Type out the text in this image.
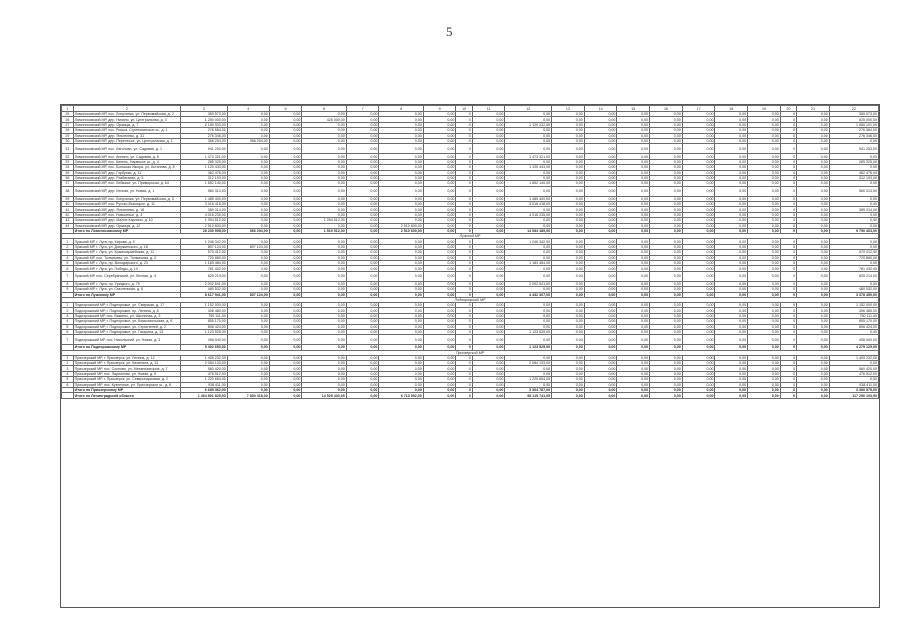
5
1	2	3	4	5	6	7	8	9	10	11	12	13	14	15	16	17	18	19	20	21	22
25	Ломоносовский МР, пос. Лопухинка, ул. Первомайская, д. 2	369 573,00	0,00	0,00	0,00	0,00	0,00	0,00	0	0,00	0,00	0,00	0,00	0,00	0,00	0,00	0,00	0,00	0	0,00	369 573,00
26	Ломоносовский МР, дер. Низино, ул. Центральная, д. 3	1 250 000,00	0,00	0,00	425 000,00	0,00	0,00	0,00	0	0,00	0,00	0,00	0,00	0,00	0,00	0,00	0,00	0,00	0	0,00	825 000,00
27	Ломоносовский МР, дер. Оржицы, д. 7	2 180 333,00	0,00	0,00	0,00	0,00	0,00	0,00	0	0,00	1 120 232,00	0,00	0,00	0,00	0,00	0,00	0,00	0,00	0	0,00	1 060 101,00
28	Ломоносовский МР, пос. Ропша, Стрельнинское ш., д. 1	276 584,00	0,00	0,00	0,00	0,00	0,00	0,00	0	0,00	0,00	0,00	0,00	0,00	0,00	0,00	0,00	0,00	0	0,00	276 584,00
29	Ломоносовский МР, дер. Яльгелево, д. 31	276 346,00	0,00	0,00	0,00	0,00	0,00	0,00	0	0,00	0,00	0,00	0,00	0,00	0,00	0,00	0,00	0,00	0	0,00	276 346,00
30	Ломоносовский МР, дер. Перелесье, ул. Центральная, д. 1	366 294,00	366 294,00	0,00	0,00	0,00	0,00	0,00	0	0,00	0,00	0,00	0,00	0,00	0,00	0,00	0,00	0,00	0	0,00	0,00
31	Ломоносовский МР, пос. Лаголово, ул. Садовая, д. 1	941 253,00	0,00	0,00	0,00	0,00	0,00	0,00	0	0,00	0,00	0,00	0,00	0,00	0,00	0,00	0,00	0,00	0	0,00	941 253,00
32	Ломоносовский МР, пос. Аннино, ул. Садовая, д. 8	1 473 321,00	0,00	0,00	0,00	0,00	0,00	0,00	0	0,00	1 473 321,00	0,00	0,00	0,00	0,00	0,00	0,00	0,00	0	0,00	0,00
33	Ломоносовский МР, пос. Кипень, Нарвское ш., д. 4	285 325,00	0,00	0,00	0,00	0,00	0,00	0,00	0	0,00	0,00	0,00	0,00	0,00	0,00	0,00	0,00	0,00	0	0,00	285 325,00
34	Ломоносовский МР, пос. Большая Ижора, ул. Астанова, д. 8	1 120 443,00	0,00	0,00	0,00	0,00	0,00	0,00	0	0,00	1 120 443,00	0,00	0,00	0,00	0,00	0,00	0,00	0,00	0	0,00	0,00
35	Ломоносовский МР, дер. Горбунки, д. 11	462 476,00	0,00	0,00	0,00	0,00	0,00	0,00	0	0,00	0,00	0,00	0,00	0,00	0,00	0,00	0,00	0,00	0	0,00	462 476,00
36	Ломоносовский МР, дер. Разбегаево, д. 5	312 193,00	0,00	0,00	0,00	0,00	0,00	0,00	0	0,00	0,00	0,00	0,00	0,00	0,00	0,00	0,00	0,00	0	0,00	312 193,00
37	Ломоносовский МР, пос. Лебяжье, ул. Приморская, д. 64	1 852 140,00	0,00	0,00	0,00	0,00	0,00	0,00	0	0,00	1 852 140,00	0,00	0,00	0,00	0,00	0,00	0,00	0,00	0	0,00	0,00
38	Ломоносовский МР, дер. Келози, ул. Новая, д. 1	560 313,00	0,00	0,00	0,00	0,00	0,00	0,00	0	0,00	0,00	0,00	0,00	0,00	0,00	0,00	0,00	0,00	0	0,00	560 313,00
39	Ломоносовский МР, пос. Лопухинка, ул. Первомайская, д. 3	1 485 400,00	0,00	0,00	0,00	0,00	0,00	0,00	0	0,00	1 485 400,00	0,00	0,00	0,00	0,00	0,00	0,00	0,00	0	0,00	0,00
40	Ломоносовский МР, пос. Русско-Высоцкое, д. 11	3 016 418,00	0,00	0,00	0,00	0,00	0,00	0,00	0	0,00	3 016 418,00	0,00	0,00	0,00	0,00	0,00	0,00	0,00	0	0,00	0,00
41	Ломоносовский МР, дер. Яльгелево, д. 18	389 314,00	0,00	0,00	0,00	0,00	0,00	0,00	0	0,00	0,00	0,00	0,00	0,00	0,00	0,00	0,00	0,00	0	0,00	389 314,00
42	Ломоносовский МР, пос. Новоселье, д. 4	4 016 235,00	0,00	0,00	0,00	0,00	0,00	0,00	0	0,00	4 016 235,00	0,00	0,00	0,00	0,00	0,00	0,00	0,00	0	0,00	0,00
43	Ломоносовский МР, дер. Малое Карлино, д. 10	1 094 512,00	0,00	0,00	1 094 512,00	0,00	0,00	0,00	0	0,00	0,00	0,00	0,00	0,00	0,00	0,00	0,00	0,00	0	0,00	0,00
44	Ломоносовский МР, дер. Оржицы, д. 12	2 510 600,00	0,00	0,00	0,00	0,00	2 510 600,00	0,00	0	0,00	0,00	0,00	0,00	0,00	0,00	0,00	0,00	0,00	0	0,00	0,00
	Итого по Ломоносовскому МР	28 230 998,00	366 294,00	0,00	1 519 512,00	0,00	2 510 600,00	0,00	0	0,00	14 084 189,00	0,00	0,00	0,00	0,00	0,00	0,00	0,00	0	0,00	9 750 403,00
Лужский МР																					
1	Лужский МР, г. Луга, пр. Кирова, д. 5	1 246 342,00	0,00	0,00	0,00	0,00	0,00	0,00	0	0,00	1 246 342,00	0,00	0,00	0,00	0,00	0,00	0,00	0,00	0	0,00	0,00
2	Лужский МР, г. Луга, ул. Дзержинского, д. 18	807 124,00	807 124,00	0,00	0,00	0,00	0,00	0,00	0	0,00	0,00	0,00	0,00	0,00	0,00	0,00	0,00	0,00	0	0,00	0,00
3	Лужский МР, г. Луга, ул. Красноармейская, д. 11	570 412,00	0,00	0,00	0,00	0,00	0,00	0,00	0	0,00	0,00	0,00	0,00	0,00	0,00	0,00	0,00	0,00	0	0,00	570 412,00
4	Лужский МР, пос. Толмачево, ул. Толмачева, д. 2	720 860,00	0,00	0,00	0,00	0,00	0,00	0,00	0	0,00	0,00	0,00	0,00	0,00	0,00	0,00	0,00	0,00	0	0,00	720 860,00
5	Лужский МР, г. Луга, пр. Володарского, д. 23	1 183 484,00	0,00	0,00	0,00	0,00	0,00	0,00	0	0,00	1 183 484,00	0,00	0,00	0,00	0,00	0,00	0,00	0,00	0	0,00	0,00
6	Лужский МР, г. Луга, ул. Победы, д. 10	781 432,00	0,00	0,00	0,00	0,00	0,00	0,00	0	0,00	0,00	0,00	0,00	0,00	0,00	0,00	0,00	0,00	0	0,00	781 432,00
7	Лужский МР, пос. Серебрянский, ул. Лесная, д. 4	825 214,00	0,00	0,00	0,00	0,00	0,00	0,00	0	0,00	0,00	0,00	0,00	0,00	0,00	0,00	0,00	0,00	0	0,00	825 214,00
8	Лужский МР, г. Луга, пр. Урицкого, д. 79	2 002 541,00	0,00	0,00	0,00	0,00	0,00	0,00	0	0,00	2 002 541,00	0,00	0,00	0,00	0,00	0,00	0,00	0,00	0	0,00	0,00
9	Лужский МР, г. Луга, ул. Смоленская, д. 8	480 532,00	0,00	0,00	0,00	0,00	0,00	0,00	0	0,00	0,00	0,00	0,00	0,00	0,00	0,00	0,00	0,00	0	0,00	480 532,00
	Итого по Лужскому МР	8 617 941,00	807 124,00	0,00	0,00	0,00	0,00	0,00	0	0,00	4 432 367,00	0,00	0,00	0,00	0,00	0,00	0,00	0,00	0	0,00	3 378 450,00
Подпорожский МР																					
1	Подпорожский МР, г. Подпорожье, ул. Свирская, д. 17	1 152 000,00	0,00	0,00	0,00	0,00	0,00	0,00	0	0,00	0,00	0,00	0,00	0,00	0,00	0,00	0,00	0,00	0	0,00	1 152 000,00
2	Подпорожский МР, г. Подпорожье, пр. Ленина, д. 8	306 480,00	0,00	0,00	0,00	0,00	0,00	0,00	0	0,00	0,00	0,00	0,00	0,00	0,00	0,00	0,00	0,00	0	0,00	306 480,00
3	Подпорожский МР, пос. Важины, ул. Школьная, д. 3	750 111,00	0,00	0,00	0,00	0,00	0,00	0,00	0	0,00	0,00	0,00	0,00	0,00	0,00	0,00	0,00	0,00	0	0,00	750 111,00
4	Подпорожский МР, г. Подпорожье, ул. Комсомольская, д. 6	855 170,00	0,00	0,00	0,00	0,00	0,00	0,00	0	0,00	0,00	0,00	0,00	0,00	0,00	0,00	0,00	0,00	0	0,00	855 170,00
5	Подпорожский МР, г. Подпорожье, ул. Строителей, д. 2	806 424,00	0,00	0,00	0,00	0,00	0,00	0,00	0	0,00	0,00	0,00	0,00	0,00	0,00	0,00	0,00	0,00	0	0,00	806 424,00
6	Подпорожский МР, г. Подпорожье, ул. Гагарина, д. 13	1 123 525,00	0,00	0,00	0,00	0,00	0,00	0,00	0	0,00	1 123 525,00	0,00	0,00	0,00	0,00	0,00	0,00	0,00	0	0,00	0,00
7	Подпорожский МР, пос. Никольский, ул. Новая, д. 3	408 940,00	0,00	0,00	0,00	0,00	0,00	0,00	0	0,00	0,00	0,00	0,00	0,00	0,00	0,00	0,00	0,00	0	0,00	408 940,00
	Итого по Подпорожскому МР	5 402 650,00	0,00	0,00	0,00	0,00	0,00	0,00	0	0,00	1 123 525,00	0,00	0,00	0,00	0,00	0,00	0,00	0,00	0	0,00	4 279 125,00
Приозерский МР																					
1	Приозерский МР, г. Приозерск, ул. Ленина, д. 12	1 405 232,00	0,00	0,00	0,00	0,00	0,00	0,00	0	0,00	0,00	0,00	0,00	0,00	0,00	0,00	0,00	0,00	0	0,00	1 405 232,00
2	Приозерский МР, г. Приозерск, ул. Калинина, д. 31	2 084 133,00	0,00	0,00	0,00	0,00	0,00	0,00	0	0,00	2 084 133,00	0,00	0,00	0,00	0,00	0,00	0,00	0,00	0	0,00	0,00
3	Приозерский МР, пос. Сосново, ул. Механизаторов, д. 7	560 420,00	0,00	0,00	0,00	0,00	0,00	0,00	0	0,00	0,00	0,00	0,00	0,00	0,00	0,00	0,00	0,00	0	0,00	560 420,00
4	Приозерский МР, пос. Ларионово, ул. Новая, д. 5	476 512,00	0,00	0,00	0,00	0,00	0,00	0,00	0	0,00	0,00	0,00	0,00	0,00	0,00	0,00	0,00	0,00	0	0,00	476 512,00
5	Приозерский МР, г. Приозерск, ул. Северопарковая, д. 2	1 220 654,00	0,00	0,00	0,00	0,00	0,00	0,00	0	0,00	1 220 654,00	0,00	0,00	0,00	0,00	0,00	0,00	0,00	0	0,00	0,00
6	Приозерский МР, пос. Кузнечное, ул. Приозерское ш., д. 6	938 411,00	0,00	0,00	0,00	0,00	0,00	0,00	0	0,00	0,00	0,00	0,00	0,00	0,00	0,00	0,00	0,00	0	0,00	938 411,00
	Итого по Приозерскому МР	6 685 362,00	0,00	0,00	0,00	0,00	0,00	0,00	0	0,00	3 304 787,00	0,00	0,00	0,00	0,00	0,00	0,00	0,00	0	0,00	3 380 575,00
	Итого по Ленинградской области	1 464 801 825,93	7 800 318,00	0,00	14 525 430,05	0,00	6 713 052,00	0,00	0	0,00	98 115 741,05	0,00	0,00	0,00	0,00	0,00	0,00	0,00	0	0,00	117 250 103,50
